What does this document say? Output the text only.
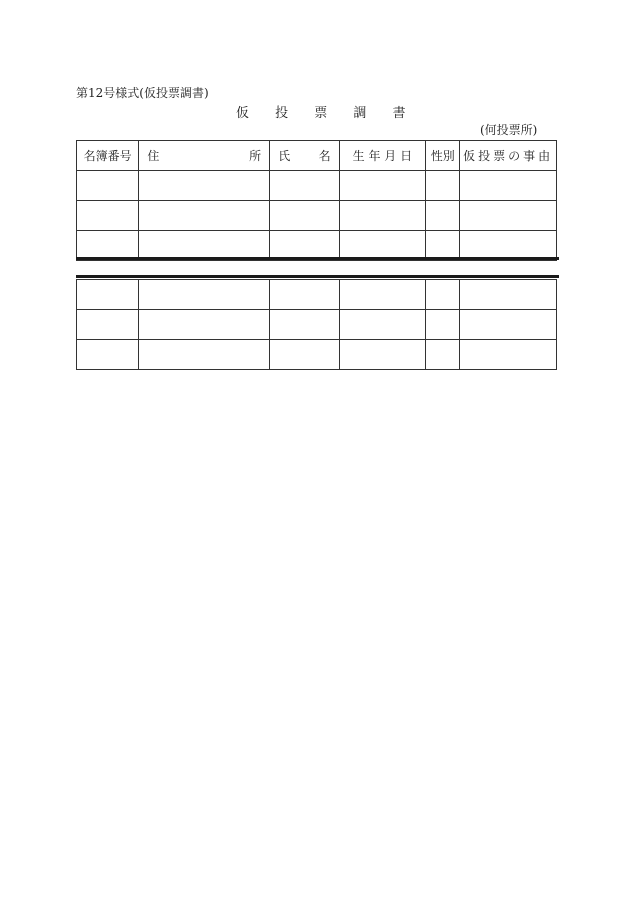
第12号様式(仮投票調書)
仮 投 票 調 書
(何投票所)
名簿番号	住 所	氏 名	生 年 月 日	性別	仮投票の事由
